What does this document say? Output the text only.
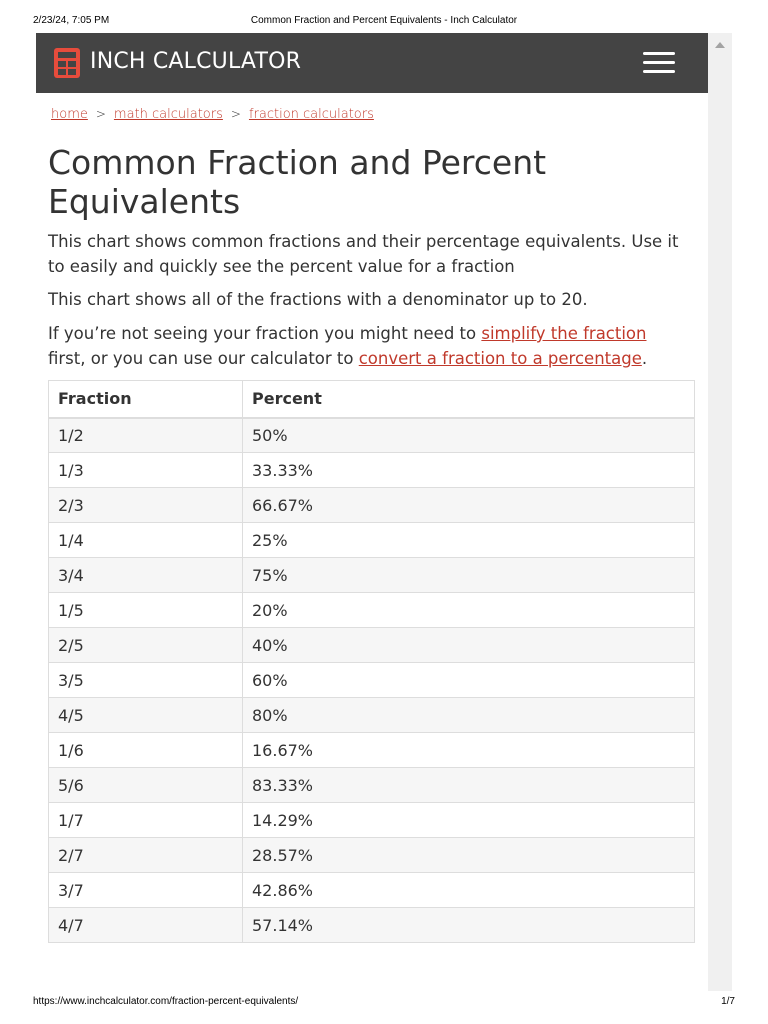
2/23/24, 7:05 PM	Common Fraction and Percent Equivalents - Inch Calculator
INCH CALCULATOR
home > math calculators > fraction calculators
Common Fraction and Percent Equivalents

This chart shows common fractions and their percentage equivalents. Use it to easily and quickly see the percent value for a fraction

This chart shows all of the fractions with a denominator up to 20.

If you’re not seeing your fraction you might need to simplify the fraction first, or you can use our calculator to convert a fraction to a percentage.

Fraction	Percent
1/2	50%
1/3	33.33%
2/3	66.67%
1/4	25%
3/4	75%
1/5	20%
2/5	40%
3/5	60%
4/5	80%
1/6	16.67%
5/6	83.33%
1/7	14.29%
2/7	28.57%
3/7	42.86%
4/7	57.14%
https://www.inchcalculator.com/fraction-percent-equivalents/	1/7
